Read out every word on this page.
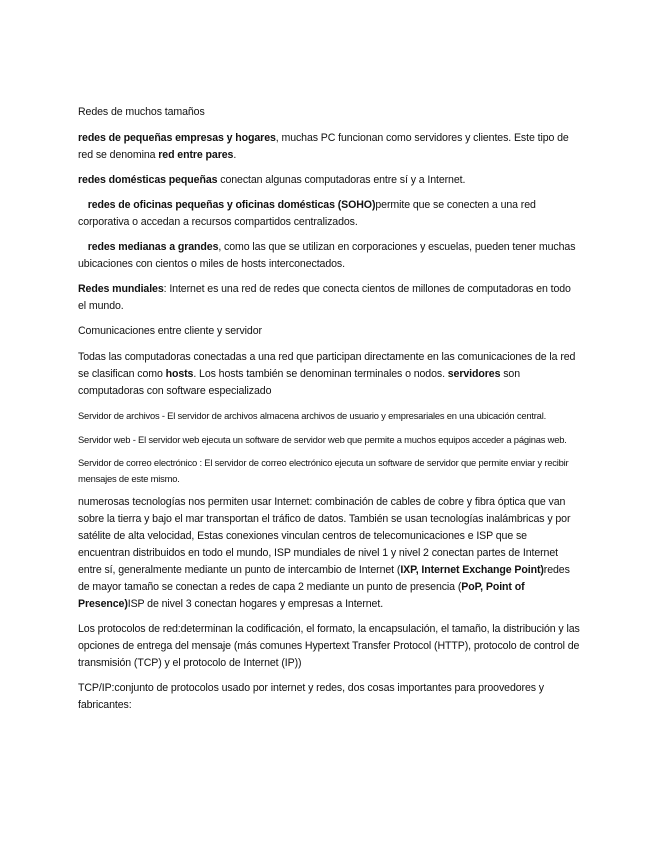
Redes de muchos tamaños

redes de pequeñas empresas y hogares, muchas PC funcionan como servidores y clientes. Este tipo de red se denomina red entre pares.

redes domésticas pequeñas conectan algunas computadoras entre sí y a Internet.

redes de oficinas pequeñas y oficinas domésticas (SOHO)permite que se conecten a una red corporativa o accedan a recursos compartidos centralizados.

redes medianas a grandes, como las que se utilizan en corporaciones y escuelas, pueden tener muchas ubicaciones con cientos o miles de hosts interconectados.

Redes mundiales: Internet es una red de redes que conecta cientos de millones de computadoras en todo el mundo.

Comunicaciones entre cliente y servidor

Todas las computadoras conectadas a una red que participan directamente en las comunicaciones de la red se clasifican como hosts. Los hosts también se denominan terminales o nodos. servidores son computadoras con software especializado

Servidor de archivos - El servidor de archivos almacena archivos de usuario y empresariales en una ubicación central.

Servidor web - El servidor web ejecuta un software de servidor web que permite a muchos equipos acceder a páginas web.

Servidor de correo electrónico : El servidor de correo electrónico ejecuta un software de servidor que permite enviar y recibir mensajes de este mismo.

numerosas tecnologías nos permiten usar Internet: combinación de cables de cobre y fibra óptica que van sobre la tierra y bajo el mar transportan el tráfico de datos. También se usan tecnologías inalámbricas y por satélite de alta velocidad, Estas conexiones vinculan centros de telecomunicaciones e ISP que se encuentran distribuidos en todo el mundo, ISP mundiales de nivel 1 y nivel 2 conectan partes de Internet entre sí, generalmente mediante un punto de intercambio de Internet (IXP, Internet Exchange Point)redes de mayor tamaño se conectan a redes de capa 2 mediante un punto de presencia (PoP, Point of Presence)ISP de nivel 3 conectan hogares y empresas a Internet.

Los protocolos de red:determinan la codificación, el formato, la encapsulación, el tamaño, la distribución y las opciones de entrega del mensaje (más comunes Hypertext Transfer Protocol (HTTP), protocolo de control de transmisión (TCP) y el protocolo de Internet (IP))

TCP/IP:conjunto de protocolos usado por internet y redes, dos cosas importantes para proovedores y fabricantes:
